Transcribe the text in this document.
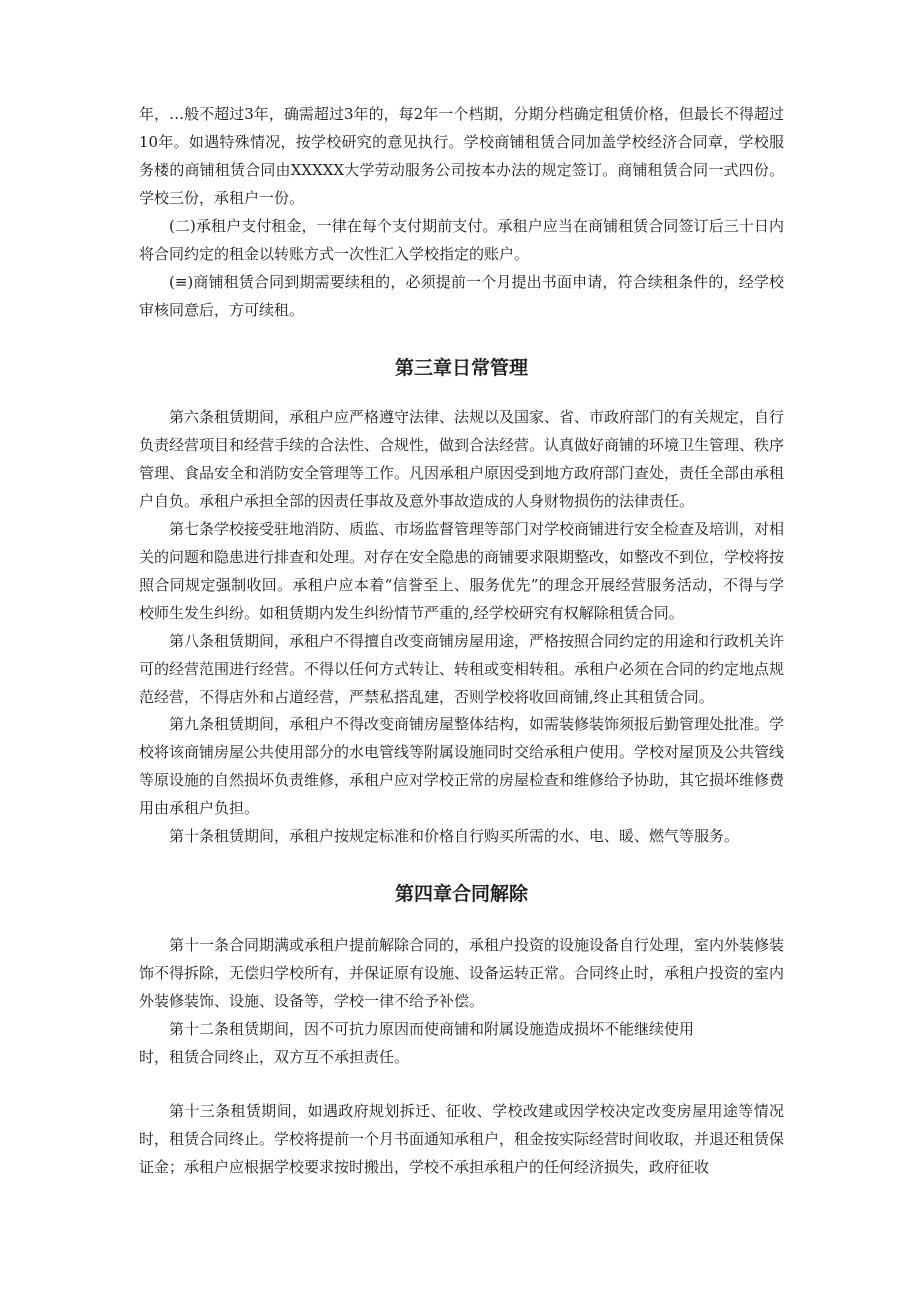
年，…般不超过3年，确需超过3年的，每2年一个档期，分期分档确定租赁价格，但最长不得超过10年。如遇特殊情况，按学校研究的意见执行。学校商铺租赁合同加盖学校经济合同章，学校服务楼的商铺租赁合同由XXXXX大学劳动服务公司按本办法的规定签订。商铺租赁合同一式四份。学校三份，承租户一份。

(二)承租户支付租金，一律在每个支付期前支付。承租户应当在商铺租赁合同签订后三十日内将合同约定的租金以转账方式一次性汇入学校指定的账户。

(≡)商铺租赁合同到期需要续租的，必须提前一个月提出书面申请，符合续租条件的，经学校审核同意后，方可续租。

第三章日常管理

第六条租赁期间，承租户应严格遵守法律、法规以及国家、省、市政府部门的有关规定，自行负责经营项目和经营手续的合法性、合规性，做到合法经营。认真做好商铺的环境卫生管理、秩序管理、食品安全和消防安全管理等工作。凡因承租户原因受到地方政府部门查处，责任全部由承租户自负。承租户承担全部的因责任事故及意外事故造成的人身财物损伤的法律责任。

第七条学校接受驻地消防、质监、市场监督管理等部门对学校商铺进行安全检查及培训，对相关的问题和隐患进行排查和处理。对存在安全隐患的商铺要求限期整改，如整改不到位，学校将按照合同规定强制收回。承租户应本着“信誉至上、服务优先”的理念开展经营服务活动，不得与学校师生发生纠纷。如租赁期内发生纠纷情节严重的,经学校研究有权解除租赁合同。

第八条租赁期间，承租户不得擅自改变商铺房屋用途，严格按照合同约定的用途和行政机关许可的经营范围进行经营。不得以任何方式转让、转租或变相转租。承租户必须在合同的约定地点规范经营，不得店外和占道经营，严禁私搭乱建，否则学校将收回商铺,终止其租赁合同。

第九条租赁期间，承租户不得改变商铺房屋整体结构，如需装修装饰须报后勤管理处批准。学校将该商铺房屋公共使用部分的水电管线等附属设施同时交给承租户使用。学校对屋顶及公共管线等原设施的自然损坏负责维修，承租户应对学校正常的房屋检查和维修给予协助，其它损坏维修费用由承租户负担。

第十条租赁期间，承租户按规定标准和价格自行购买所需的水、电、暖、燃气等服务。

第四章合同解除

第十一条合同期满或承租户提前解除合同的，承租户投资的设施设备自行处理，室内外装修装饰不得拆除，无偿归学校所有，并保证原有设施、设备运转正常。合同终止时，承租户投资的室内外装修装饰、设施、设备等，学校一律不给予补偿。

第十二条租赁期间，因不可抗力原因而使商铺和附属设施造成损坏不能继续使用

时，租赁合同终止，双方互不承担责任。

第十三条租赁期间，如遇政府规划拆迁、征收、学校改建或因学校决定改变房屋用途等情况时，租赁合同终止。学校将提前一个月书面通知承租户，租金按实际经营时间收取，并退还租赁保证金；承租户应根据学校要求按时搬出，学校不承担承租户的任何经济损失，政府征收
